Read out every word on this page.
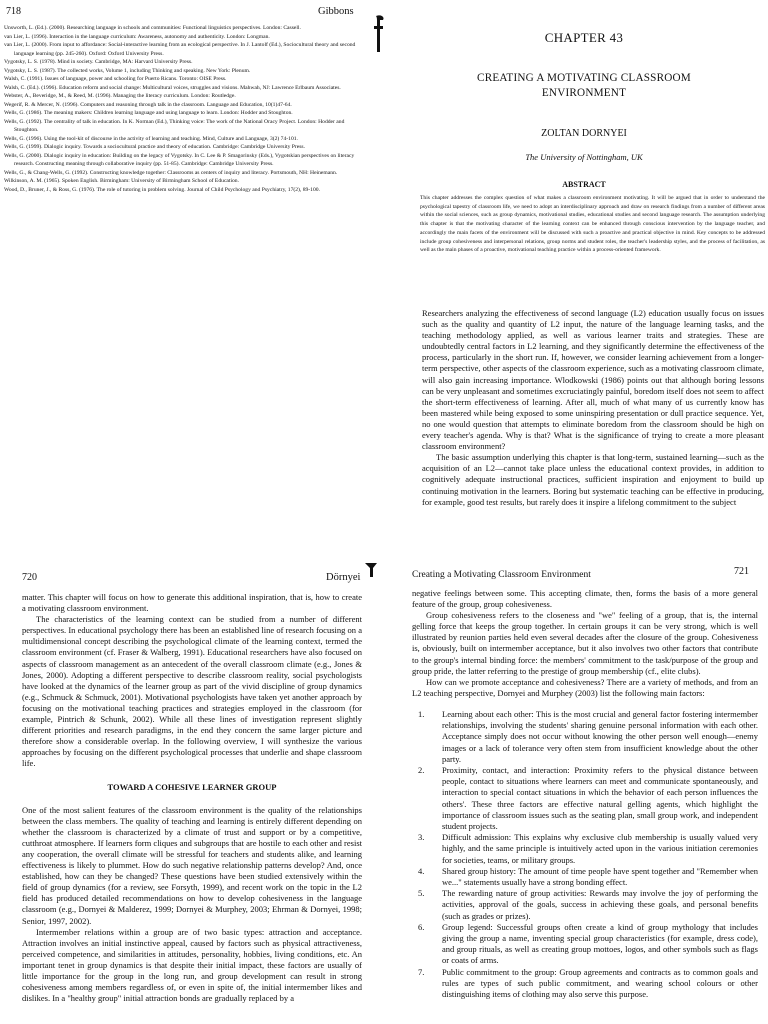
718	Gibbons

Unsworth, L. (Ed.). (2000). Researching language in schools and communities: Functional linguistics perspectives. London: Cassell.

van Lier, L. (1996). Interaction in the language curriculum: Awareness, autonomy and authenticity. London: Longman.

van Lier, L. (2000). From input to affordance: Social-interactive learning from an ecological perspective. In J. Lantolf (Ed.), Sociocultural theory and second language learning (pp. 245-260). Oxford: Oxford University Press.

Vygotsky, L. S. (1978). Mind in society. Cambridge, MA: Harvard University Press.

Vygotsky, L. S. (1987). The collected works, Volume 1, including Thinking and speaking. New York: Plenum.

Walsh, C. (1991). Issues of language, power and schooling for Puerto Ricans. Toronto: OISE Press.

Walsh, C. (Ed.). (1996). Education reform and social change: Multicultural voices, struggles and visions. Mahwah, NJ: Lawrence Erlbaum Associates.

Webster, A., Beveridge, M., & Reed, M. (1996). Managing the literacy curriculum. London: Routledge.

Wegerif, R. & Mercer, N. (1996). Computers and reasoning through talk in the classroom. Language and Education, 10(1)47-64.

Wells, G. (1986). The meaning makers: Children learning language and using language to learn. London: Hodder and Stoughton.

Wells, G. (1992). The centrality of talk in education. In K. Norman (Ed.), Thinking voice: The work of the National Oracy Project. London: Hodder and Stoughton.

Wells, G. (1996). Using the tool-kit of discourse in the activity of learning and teaching. Mind, Culture and Language, 3(2) 74-101.

Wells, G. (1999). Dialogic inquiry. Towards a sociocultural practice and theory of education. Cambridge: Cambridge University Press.

Wells, G. (2000). Dialogic inquiry in education: Building on the legacy of Vygotsky. In C. Lee & P. Smagorinsky (Eds.), Vygotskian perspectives on literacy research. Constructing meaning through collaborative inquiry (pp. 51-85). Cambridge: Cambridge University Press.

Wells, G., & Chang-Wells, G. (1992). Constructing knowledge together: Classrooms as centers of inquiry and literacy. Portsmouth, NH: Heinemann.

Wilkinson, A. M. (1965). Spoken English. Birmingham: University of Birmingham School of Education.

Wood, D., Bruner, J., & Ross, G. (1976). The role of tutoring in problem solving. Journal of Child Psychology and Psychiatry, 17(2), 89-100.

CHAPTER 43
CREATING A MOTIVATING CLASSROOM
ENVIRONMENT
ZOLTAN DORNYEI
The University of Nottingham, UK
ABSTRACT
This chapter addresses the complex question of what makes a classroom environment motivating. It will be argued that in order to understand the psychological tapestry of classroom life, we need to adopt an interdisciplinary approach and draw on research findings from a number of different areas within the social sciences, such as group dynamics, motivational studies, educational studies and second language research. The assumption underlying this chapter is that the motivating character of the learning context can be enhanced through conscious intervention by the language teacher, and accordingly the main facets of the environment will be discussed with such a proactive and practical objective in mind. Key concepts to be addressed include group cohesiveness and interpersonal relations, group norms and student roles, the teacher's leadership styles, and the process of facilitation, as well as the main phases of a proactive, motivational teaching practice within a process-oriented framework.

Researchers analyzing the effectiveness of second language (L2) education usually focus on issues such as the quality and quantity of L2 input, the nature of the language learning tasks, and the teaching methodology applied, as well as various learner traits and strategies. These are undoubtedly central factors in L2 learning, and they significantly determine the effectiveness of the process, particularly in the short run. If, however, we consider learning achievement from a longer-term perspective, other aspects of the classroom experience, such as a motivating classroom climate, will also gain increasing importance. Wlodkowski (1986) points out that although boring lessons can be very unpleasant and sometimes excruciatingly painful, boredom itself does not seem to affect the short-term effectiveness of learning. After all, much of what many of us currently know has been mastered while being exposed to some uninspiring presentation or dull practice sequence. Yet, no one would question that attempts to eliminate boredom from the classroom should be high on every teacher's agenda. Why is that? What is the significance of trying to create a more pleasant classroom environment?

The basic assumption underlying this chapter is that long-term, sustained learning—such as the acquisition of an L2—cannot take place unless the educational context provides, in addition to cognitively adequate instructional practices, sufficient inspiration and enjoyment to build up continuing motivation in the learners. Boring but systematic teaching can be effective in producing, for example, good test results, but rarely does it inspire a lifelong commitment to the subject

720	Dörnyei

matter. This chapter will focus on how to generate this additional inspiration, that is, how to create a motivating classroom environment.

The characteristics of the learning context can be studied from a number of different perspectives. In educational psychology there has been an established line of research focusing on a multidimensional concept describing the psychological climate of the learning context, termed the classroom environment (cf. Fraser & Walberg, 1991). Educational researchers have also focused on aspects of classroom management as an antecedent of the overall classroom climate (e.g., Jones & Jones, 2000). Adopting a different perspective to describe classroom reality, social psychologists have looked at the dynamics of the learner group as part of the vivid discipline of group dynamics (e.g., Schmuck & Schmuck, 2001). Motivational psychologists have taken yet another approach by focusing on the motivational teaching practices and strategies employed in the classroom (for example, Pintrich & Schunk, 2002). While all these lines of investigation represent slightly different priorities and research paradigms, in the end they concern the same larger picture and therefore show a considerable overlap. In the following overview, I will synthesize the various approaches by focusing on the different psychological processes that underlie and shape classroom life.

TOWARD A COHESIVE LEARNER GROUP

One of the most salient features of the classroom environment is the quality of the relationships between the class members. The quality of teaching and learning is entirely different depending on whether the classroom is characterized by a climate of trust and support or by a competitive, cutthroat atmosphere. If learners form cliques and subgroups that are hostile to each other and resist any cooperation, the overall climate will be stressful for teachers and students alike, and learning effectiveness is likely to plummet. How do such negative relationship patterns develop? And, once established, how can they be changed? These questions have been studied extensively within the field of group dynamics (for a review, see Forsyth, 1999), and recent work on the topic in the L2 field has produced detailed recommendations on how to develop cohesiveness in the language classroom (e.g., Dornyei & Malderez, 1999; Dornyei & Murphey, 2003; Ehrman & Dornyei, 1998; Senior, 1997, 2002).

Intermember relations within a group are of two basic types: attraction and acceptance. Attraction involves an initial instinctive appeal, caused by factors such as physical attractiveness, perceived competence, and similarities in attitudes, personality, hobbies, living conditions, etc. An important tenet in group dynamics is that despite their initial impact, these factors are usually of little importance for the group in the long run, and group development can result in strong cohesiveness among members regardless of, or even in spite of, the initial intermember likes and dislikes. In a "healthy group" initial attraction bonds are gradually replaced by a

Creating a Motivating Classroom Environment	721

negative feelings between some. This accepting climate, then, forms the basis of a more general feature of the group, group cohesiveness.

Group cohesiveness refers to the closeness and "we" feeling of a group, that is, the internal gelling force that keeps the group together. In certain groups it can be very strong, which is well illustrated by reunion parties held even several decades after the closure of the group. Cohesiveness is, obviously, built on intermember acceptance, but it also involves two other factors that contribute to the group's internal binding force: the members' commitment to the task/purpose of the group and group pride, the latter referring to the prestige of group membership (cf., elite clubs).

How can we promote acceptance and cohesiveness? There are a variety of methods, and from an L2 teaching perspective, Dornyei and Murphey (2003) list the following main factors:

1.	Learning about each other: This is the most crucial and general factor fostering intermember relationships, involving the students' sharing genuine personal information with each other. Acceptance simply does not occur without knowing the other person well enough—enemy images or a lack of tolerance very often stem from insufficient knowledge about the other party.
2.	Proximity, contact, and interaction: Proximity refers to the physical distance between people, contact to situations where learners can meet and communicate spontaneously, and interaction to special contact situations in which the behavior of each person influences the others'. These three factors are effective natural gelling agents, which highlight the importance of classroom issues such as the seating plan, small group work, and independent student projects.
3.	Difficult admission: This explains why exclusive club membership is usually valued very highly, and the same principle is intuitively acted upon in the various initiation ceremonies for societies, teams, or military groups.
4.	Shared group history: The amount of time people have spent together and "Remember when we..." statements usually have a strong bonding effect.
5.	The rewarding nature of group activities: Rewards may involve the joy of performing the activities, approval of the goals, success in achieving these goals, and personal benefits (such as grades or prizes).
6.	Group legend: Successful groups often create a kind of group mythology that includes giving the group a name, inventing special group characteristics (for example, dress code), and group rituals, as well as creating group mottoes, logos, and other symbols such as flags or coats of arms.
7.	Public commitment to the group: Group agreements and contracts as to common goals and rules are types of such public commitment, and wearing school colours or other distinguishing items of clothing may also serve this purpose.
